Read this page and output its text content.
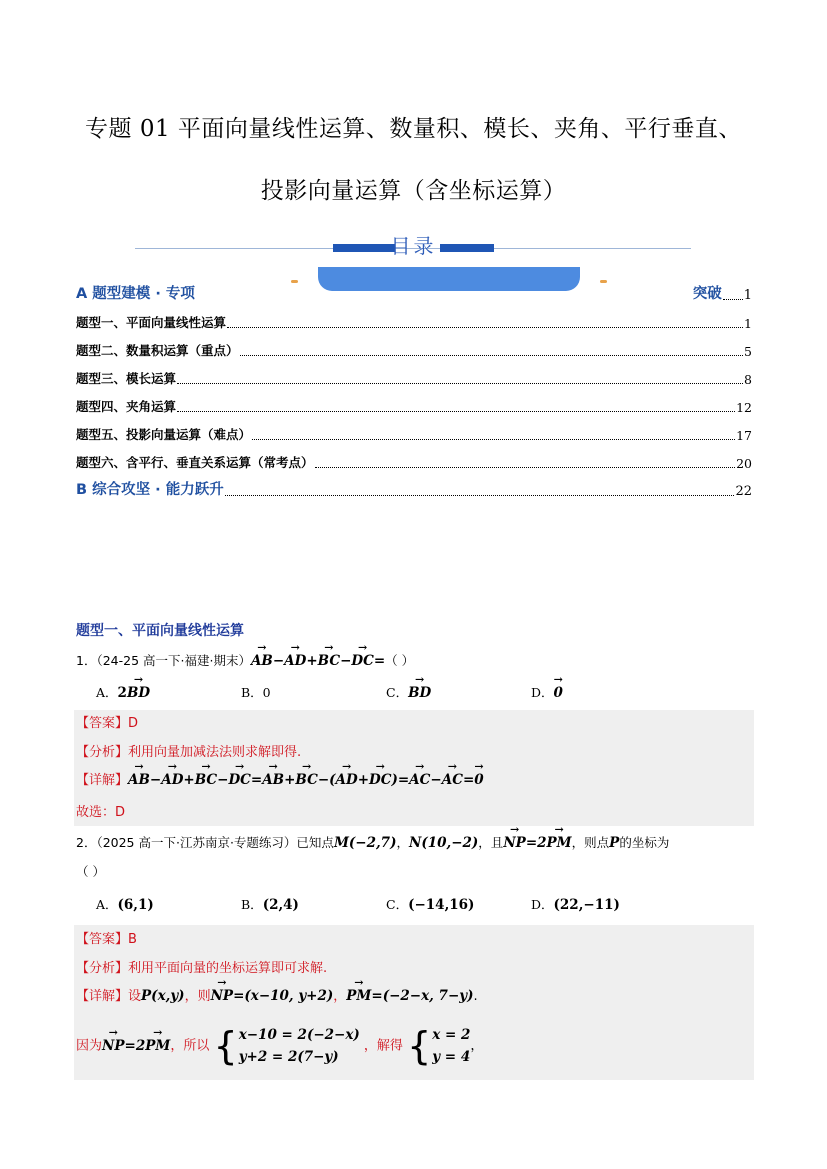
专题 01 平面向量线性运算、数量积、模长、夹角、平行垂直、
投影向量运算（含坐标运算）
目录
A 题型建模 · 专项	突破 1
题型一、平面向量线性运算	1
题型二、数量积运算（重点）	5
题型三、模长运算	8
题型四、夹角运算	12
题型五、投影向量运算（难点）	17
题型六、含平行、垂直关系运算（常考点）	20
B 综合攻坚 · 能力跃升	22
题型一、平面向量线性运算
1．（24-25 高一下·福建·期末）→ AB−→ AD+→ BC−→ DC=（ ）
A．2→ BD	B．0	C．→ BD	D．→ 0
【答案】D
【分析】利用向量加减法法则求解即得.
【详解】→ AB−→ AD+→ BC−→ DC=→ AB+→ BC−(→ AD+→ DC)=→ AC−→ AC=→ 0
故选：D
2．（2025 高一下·江苏南京·专题练习）已知点M(−2,7)，N(10,−2)，且→ NP=2→ PM，则点P的坐标为
（ ）
A．(6,1)	B．(2,4)	C．(−14,16)	D．(22,−11)
【答案】B
【分析】利用平面向量的坐标运算即可求解.
【详解】设P(x,y)，则→ NP=(x−10, y+2)，→ PM=(−2−x, 7−y).
因为→ NP=2→ PM，所以 { x−10 = 2(−2−x)
y+2 = 2(7−y)
，解得 { x = 2
y = 4
，
